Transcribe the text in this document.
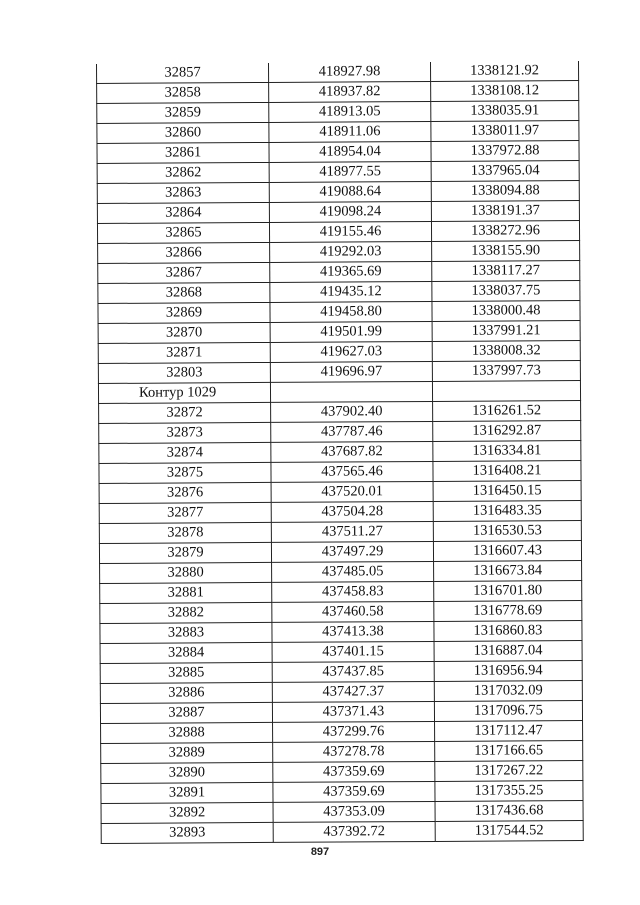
32857	418927.98	1338121.92
32858	418937.82	1338108.12
32859	418913.05	1338035.91
32860	418911.06	1338011.97
32861	418954.04	1337972.88
32862	418977.55	1337965.04
32863	419088.64	1338094.88
32864	419098.24	1338191.37
32865	419155.46	1338272.96
32866	419292.03	1338155.90
32867	419365.69	1338117.27
32868	419435.12	1338037.75
32869	419458.80	1338000.48
32870	419501.99	1337991.21
32871	419627.03	1338008.32
32803	419696.97	1337997.73
Контур 1029		
32872	437902.40	1316261.52
32873	437787.46	1316292.87
32874	437687.82	1316334.81
32875	437565.46	1316408.21
32876	437520.01	1316450.15
32877	437504.28	1316483.35
32878	437511.27	1316530.53
32879	437497.29	1316607.43
32880	437485.05	1316673.84
32881	437458.83	1316701.80
32882	437460.58	1316778.69
32883	437413.38	1316860.83
32884	437401.15	1316887.04
32885	437437.85	1316956.94
32886	437427.37	1317032.09
32887	437371.43	1317096.75
32888	437299.76	1317112.47
32889	437278.78	1317166.65
32890	437359.69	1317267.22
32891	437359.69	1317355.25
32892	437353.09	1317436.68
32893	437392.72	1317544.52
897
